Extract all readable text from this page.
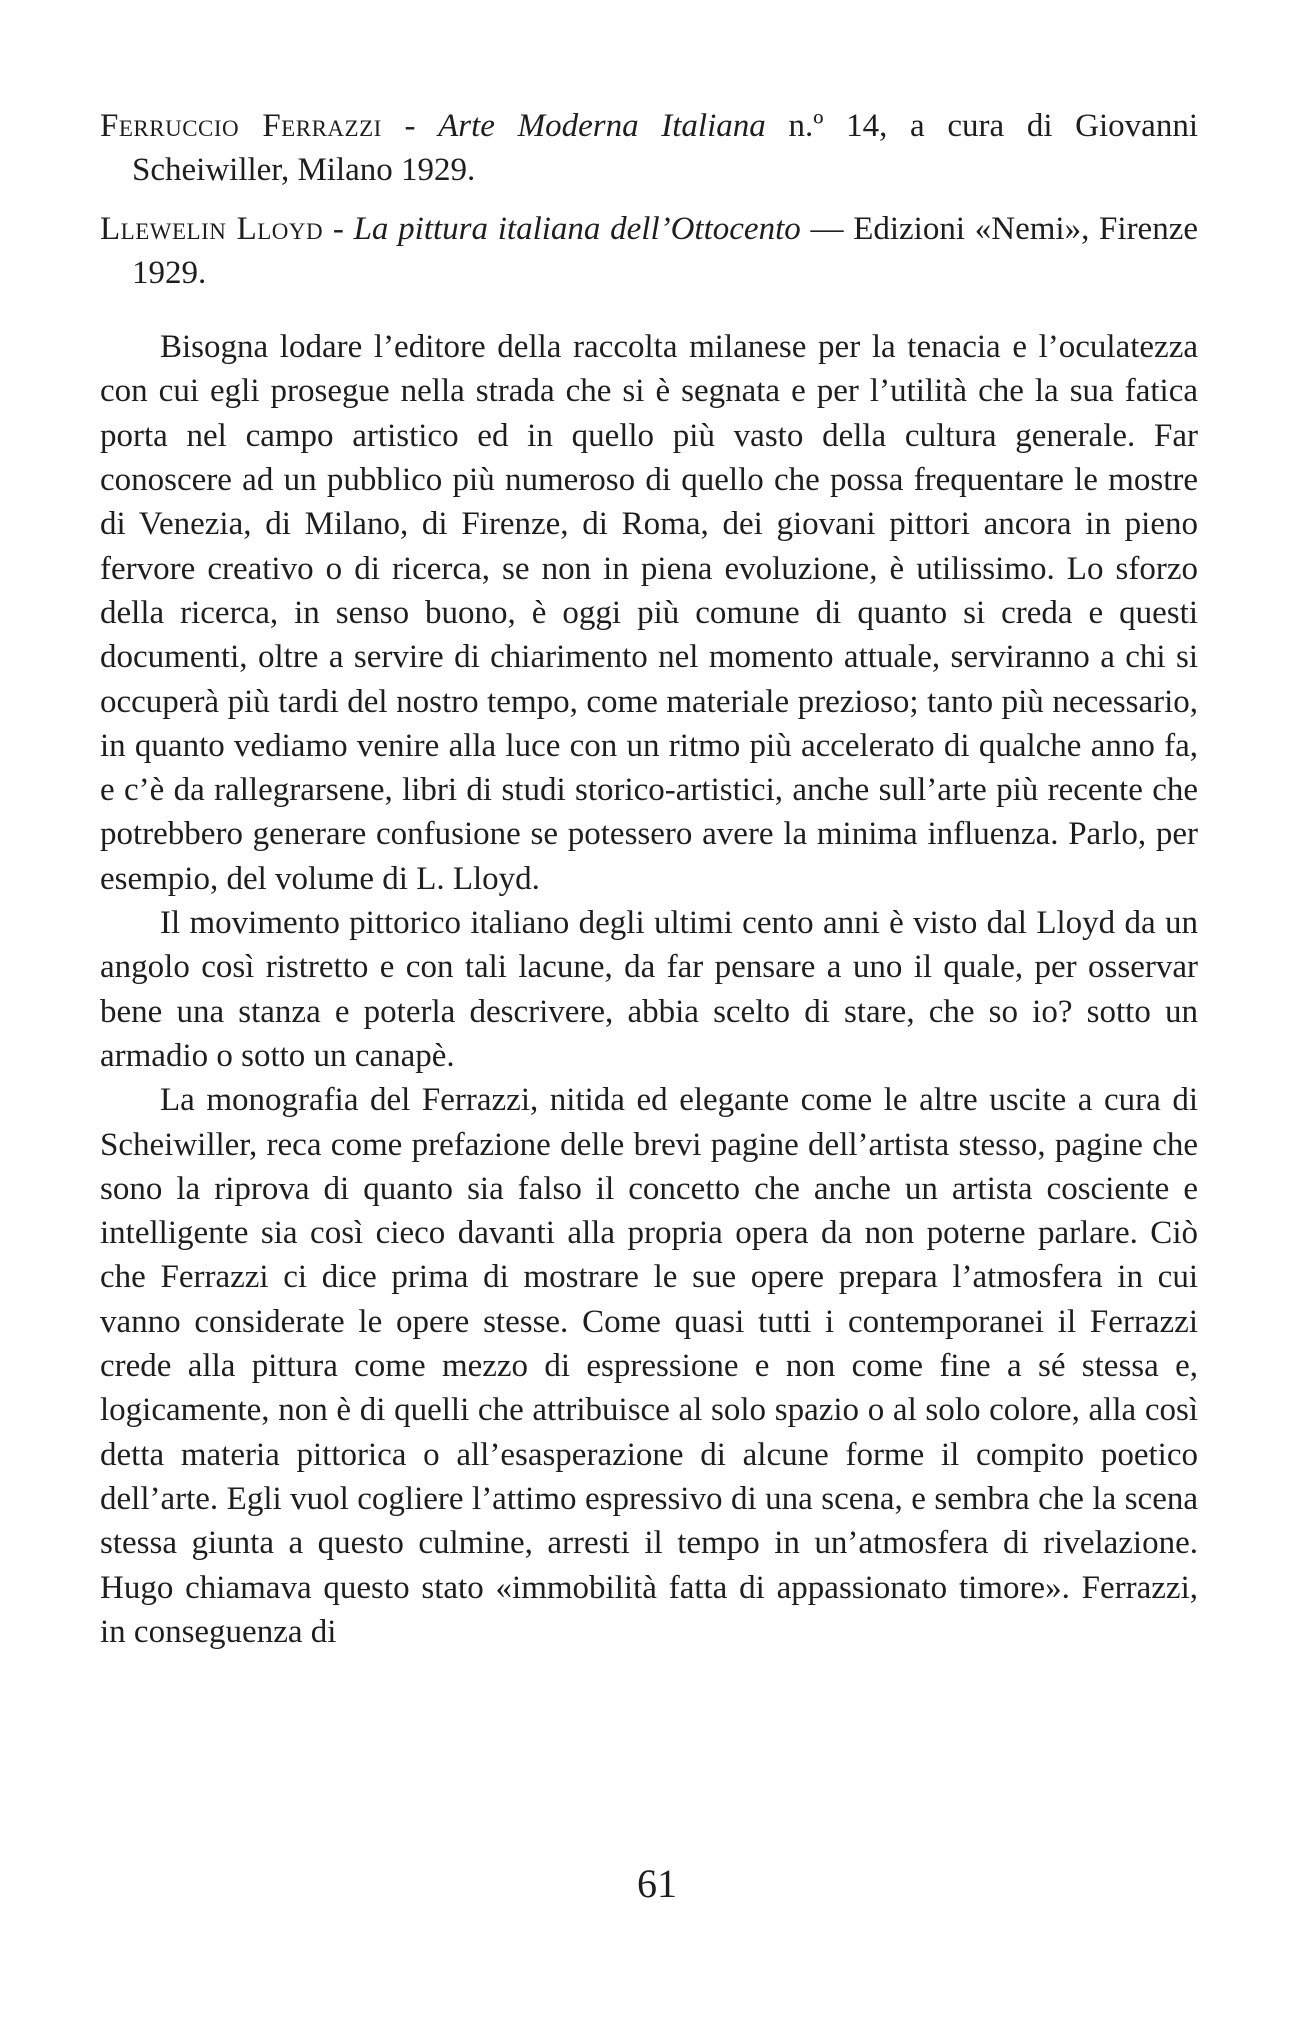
Ferruccio Ferrazzi - Arte Moderna Italiana n.º 14, a cura di Giovanni Scheiwiller, Milano 1929.

Llewelin Lloyd - La pittura italiana dell’Ottocento — Edizioni «Nemi», Firenze 1929.

Bisogna lodare l’editore della raccolta milanese per la tenacia e l’oculatezza con cui egli prosegue nella strada che si è segnata e per l’utilità che la sua fatica porta nel campo artistico ed in quello più vasto della cultura generale. Far conoscere ad un pubblico più numeroso di quello che possa frequentare le mostre di Venezia, di Milano, di Firenze, di Roma, dei giovani pittori ancora in pieno fervore creativo o di ricerca, se non in piena evoluzione, è utilissimo. Lo sforzo della ricerca, in senso buono, è oggi più comune di quanto si creda e questi documenti, oltre a servire di chiarimento nel momento attuale, serviranno a chi si occuperà più tardi del nostro tempo, come materiale prezioso; tanto più necessario, in quanto vediamo venire alla luce con un ritmo più accelerato di qualche anno fa, e c’è da rallegrarsene, libri di studi storico-artistici, anche sull’arte più recente che potrebbero generare confusione se potessero avere la minima influenza. Parlo, per esempio, del volume di L. Lloyd.

Il movimento pittorico italiano degli ultimi cento anni è visto dal Lloyd da un angolo così ristretto e con tali lacune, da far pensare a uno il quale, per osservar bene una stanza e poterla descrivere, abbia scelto di stare, che so io? sotto un armadio o sotto un canapè.

La monografia del Ferrazzi, nitida ed elegante come le altre uscite a cura di Scheiwiller, reca come prefazione delle brevi pagine dell’artista stesso, pagine che sono la riprova di quanto sia falso il concetto che anche un artista cosciente e intelligente sia così cieco davanti alla propria opera da non poterne parlare. Ciò che Ferrazzi ci dice prima di mostrare le sue opere prepara l’atmosfera in cui vanno considerate le opere stesse. Come quasi tutti i contemporanei il Ferrazzi crede alla pittura come mezzo di espressione e non come fine a sé stessa e, logicamente, non è di quelli che attribuisce al solo spazio o al solo colore, alla così detta materia pittorica o all’esasperazione di alcune forme il compito poetico dell’arte. Egli vuol cogliere l’attimo espressivo di una scena, e sembra che la scena stessa giunta a questo culmine, arresti il tempo in un’atmosfera di rivelazione. Hugo chiamava questo stato «immobilità fatta di appassionato timore». Ferrazzi, in conseguenza di

61
